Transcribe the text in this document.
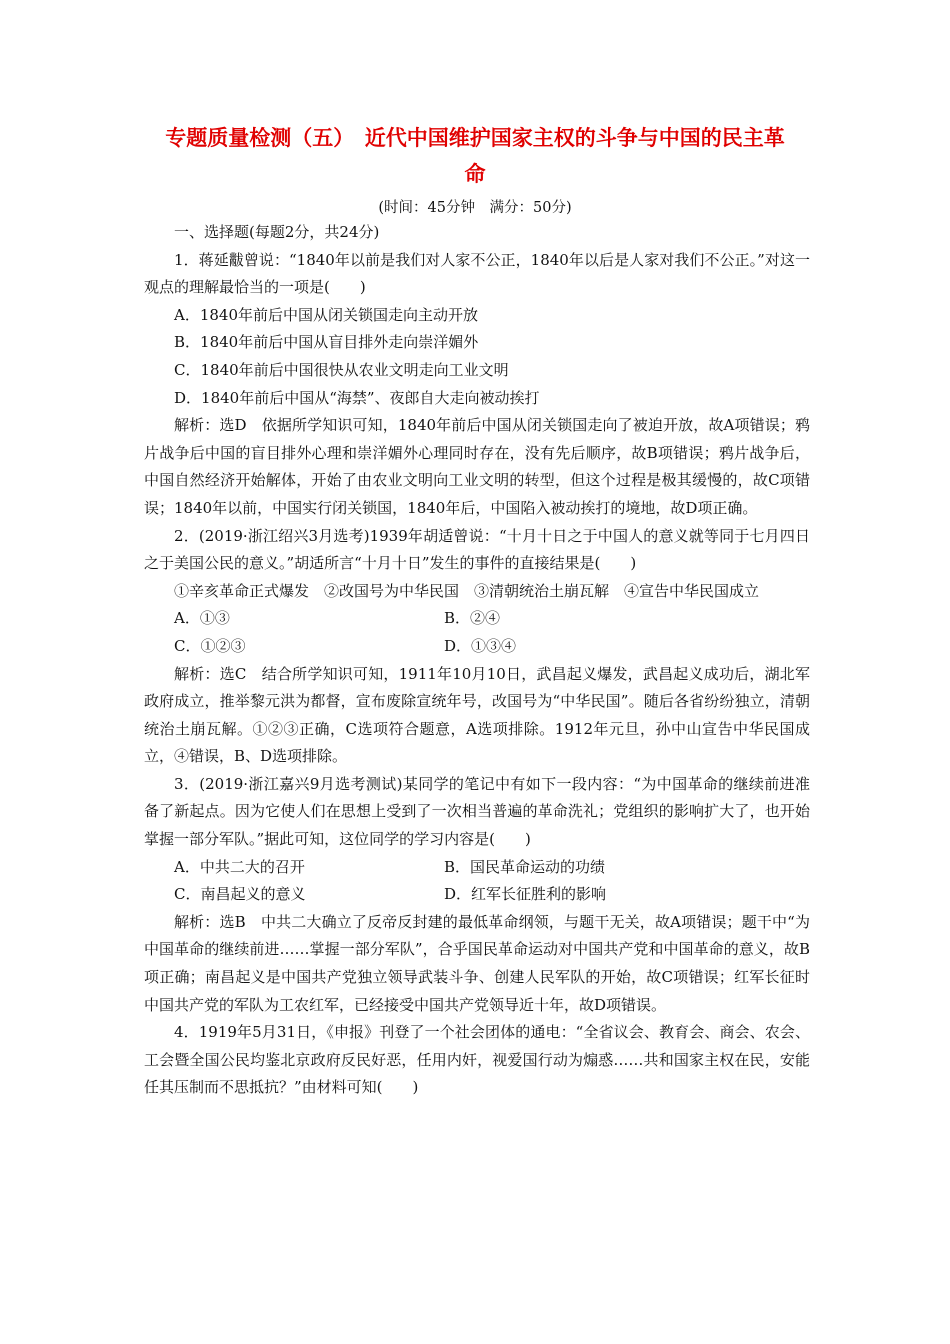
专题质量检测（五）　近代中国维护国家主权的斗争与中国的民主革
命
(时间：45分钟　满分：50分)

一、选择题(每题2分，共24分)

1．蒋延黻曾说：“1840年以前是我们对人家不公正，1840年以后是人家对我们不公正。”对这一观点的理解最恰当的一项是(　　)

A．1840年前后中国从闭关锁国走向主动开放

B．1840年前后中国从盲目排外走向崇洋媚外

C．1840年前后中国很快从农业文明走向工业文明

D．1840年前后中国从“海禁”、夜郎自大走向被动挨打

解析：选D　依据所学知识可知，1840年前后中国从闭关锁国走向了被迫开放，故A项错误；鸦片战争后中国的盲目排外心理和崇洋媚外心理同时存在，没有先后顺序，故B项错误；鸦片战争后，中国自然经济开始解体，开始了由农业文明向工业文明的转型，但这个过程是极其缓慢的，故C项错误；1840年以前，中国实行闭关锁国，1840年后，中国陷入被动挨打的境地，故D项正确。

2．(2019·浙江绍兴3月选考)1939年胡适曾说：“十月十日之于中国人的意义就等同于七月四日之于美国公民的意义。”胡适所言“十月十日”发生的事件的直接结果是(　　)

①辛亥革命正式爆发　②改国号为中华民国　③清朝统治土崩瓦解　④宣告中华民国成立

A．①③	B．②④
C．①②③	D．①③④

解析：选C　结合所学知识可知，1911年10月10日，武昌起义爆发，武昌起义成功后，湖北军政府成立，推举黎元洪为都督，宣布废除宣统年号，改国号为“中华民国”。随后各省纷纷独立，清朝统治土崩瓦解。①②③正确，C选项符合题意，A选项排除。1912年元旦，孙中山宣告中华民国成立，④错误，B、D选项排除。

3．(2019·浙江嘉兴9月选考测试)某同学的笔记中有如下一段内容：“为中国革命的继续前进准备了新起点。因为它使人们在思想上受到了一次相当普遍的革命洗礼；党组织的影响扩大了，也开始掌握一部分军队。”据此可知，这位同学的学习内容是(　　)

A．中共二大的召开	B．国民革命运动的功绩
C．南昌起义的意义	D．红军长征胜利的影响

解析：选B　中共二大确立了反帝反封建的最低革命纲领，与题干无关，故A项错误；题干中“为中国革命的继续前进……掌握一部分军队”，合乎国民革命运动对中国共产党和中国革命的意义，故B项正确；南昌起义是中国共产党独立领导武装斗争、创建人民军队的开始，故C项错误；红军长征时中国共产党的军队为工农红军，已经接受中国共产党领导近十年，故D项错误。

4．1919年5月31日，《申报》刊登了一个社会团体的通电：“全省议会、教育会、商会、农会、工会暨全国公民均鉴北京政府反民好恶，任用内奸，视爱国行动为煽惑……共和国家主权在民，安能任其压制而不思抵抗？”由材料可知(　　)
